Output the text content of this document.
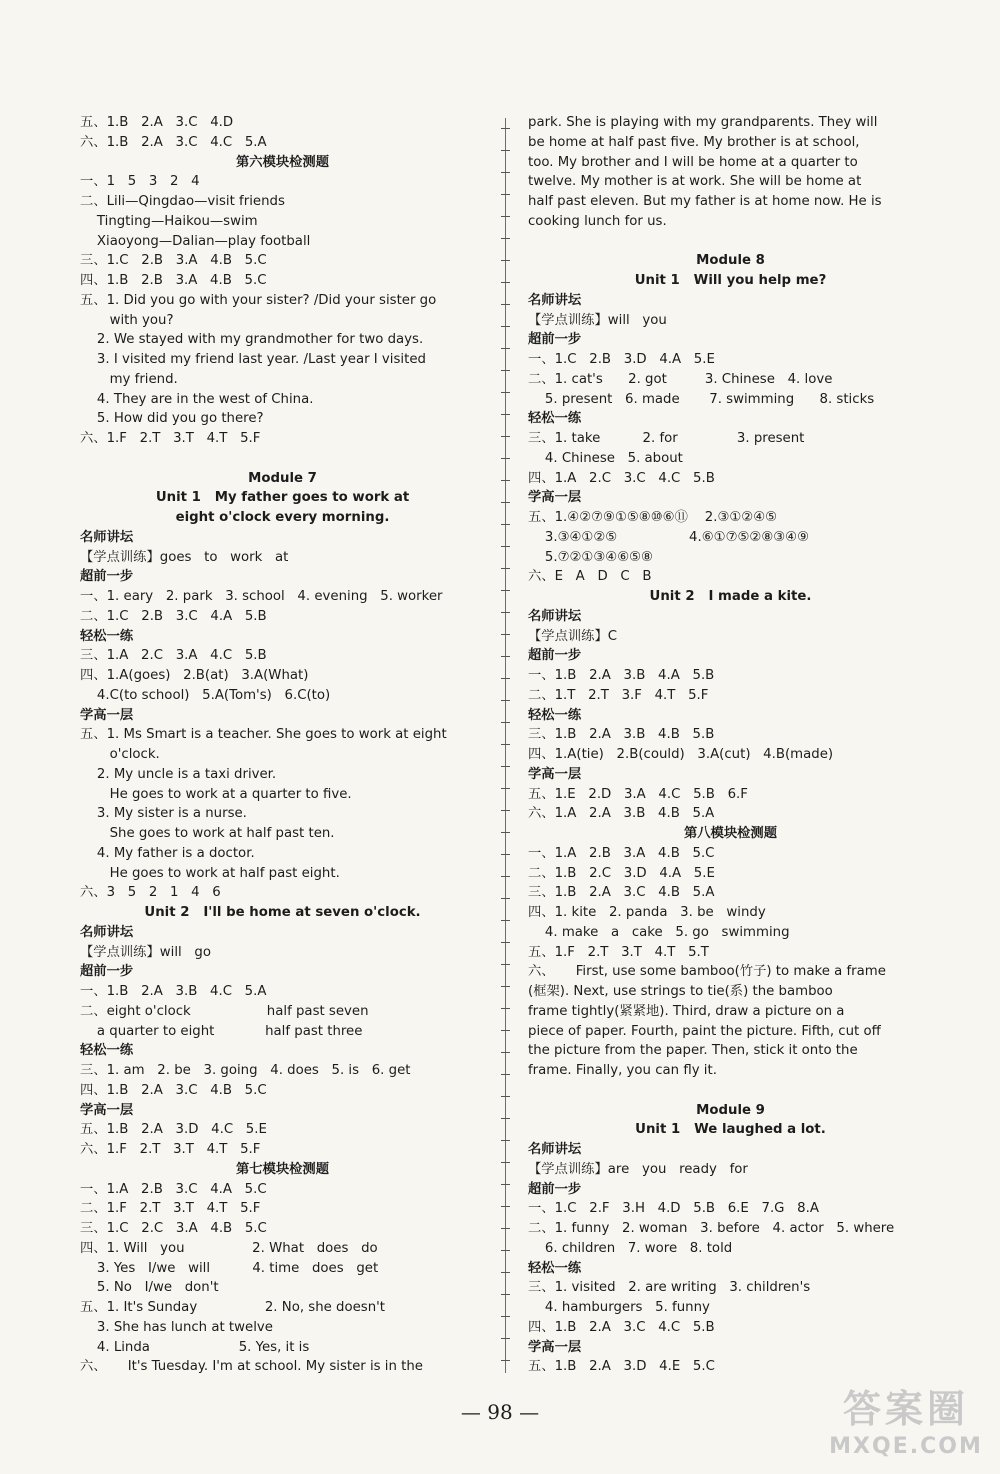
五、1.B   2.A   3.C   4.D
六、1.B   2.A   3.C   4.C   5.A
第六模块检测题
一、1   5   3   2   4
二、Lili—Qingdao—visit friends
Tingting—Haikou—swim
Xiaoyong—Dalian—play football
三、1.C   2.B   3.A   4.B   5.C
四、1.B   2.B   3.A   4.B   5.C
五、1. Did you go with your sister? /Did your sister go
with you?
2. We stayed with my grandmother for two days.
3. I visited my friend last year. /Last year I visited
my friend.
4. They are in the west of China.
5. How did you go there?
六、1.F   2.T   3.T   4.T   5.F
Module 7
Unit 1   My father goes to work at
eight o'clock every morning.
名师讲坛
【学点训练】goes   to   work   at
超前一步
一、1. eary   2. park   3. school   4. evening   5. worker
二、1.C   2.B   3.C   4.A   5.B
轻松一练
三、1.A   2.C   3.A   4.C   5.B
四、1.A(goes)   2.B(at)   3.A(What)
4.C(to school)   5.A(Tom's)   6.C(to)
学高一层
五、1. Ms Smart is a teacher. She goes to work at eight
o'clock.
2. My uncle is a taxi driver.
He goes to work at a quarter to five.
3. My sister is a nurse.
She goes to work at half past ten.
4. My father is a doctor.
He goes to work at half past eight.
六、3   5   2   1   4   6
Unit 2   I'll be home at seven o'clock.
名师讲坛
【学点训练】will   go
超前一步
一、1.B   2.A   3.B   4.C   5.A
二、eight o'clock                  half past seven
a quarter to eight            half past three
轻松一练
三、1. am   2. be   3. going   4. does   5. is   6. get
四、1.B   2.A   3.C   4.B   5.C
学高一层
五、1.B   2.A   3.D   4.C   5.E
六、1.F   2.T   3.T   4.T   5.F
第七模块检测题
一、1.A   2.B   3.C   4.A   5.C
二、1.F   2.T   3.T   4.T   5.F
三、1.C   2.C   3.A   4.B   5.C
四、1. Will   you                2. What   does   do
3. Yes   I/we   will          4. time   does   get
5. No   I/we   don't
五、1. It's Sunday                2. No, she doesn't
3. She has lunch at twelve
4. Linda                     5. Yes, it is
六、     It's Tuesday. I'm at school. My sister is in the
park. She is playing with my grandparents. They will
be home at half past five. My brother is at school,
too. My brother and I will be home at a quarter to
twelve. My mother is at work. She will be home at
half past eleven. But my father is at home now. He is
cooking lunch for us.
Module 8
Unit 1   Will you help me?
名师讲坛
【学点训练】will   you
超前一步
一、1.C   2.B   3.D   4.A   5.E
二、1. cat's      2. got         3. Chinese   4. love
5. present   6. made       7. swimming      8. sticks
轻松一练
三、1. take          2. for              3. present
4. Chinese   5. about
四、1.A   2.C   3.C   4.C   5.B
学高一层
五、1.④②⑦⑨①⑤⑧⑩⑥⑪    2.③①②④⑤
3.③④①②⑤                 4.⑥①⑦⑤②⑧③④⑨
5.⑦②①③④⑥⑤⑧
六、E   A   D   C   B
Unit 2   I made a kite.
名师讲坛
【学点训练】C
超前一步
一、1.B   2.A   3.B   4.A   5.B
二、1.T   2.T   3.F   4.T   5.F
轻松一练
三、1.B   2.A   3.B   4.B   5.B
四、1.A(tie)   2.B(could)   3.A(cut)   4.B(made)
学高一层
五、1.E   2.D   3.A   4.C   5.B   6.F
六、1.A   2.A   3.B   4.B   5.A
第八模块检测题
一、1.A   2.B   3.A   4.B   5.C
二、1.B   2.C   3.D   4.A   5.E
三、1.B   2.A   3.C   4.B   5.A
四、1. kite   2. panda   3. be   windy
4. make   a   cake   5. go   swimming
五、1.F   2.T   3.T   4.T   5.T
六、     First, use some bamboo(竹子) to make a frame
(框架). Next, use strings to tie(系) the bamboo
frame tightly(紧紧地). Third, draw a picture on a
piece of paper. Fourth, paint the picture. Fifth, cut off
the picture from the paper. Then, stick it onto the
frame. Finally, you can fly it.
Module 9
Unit 1   We laughed a lot.
名师讲坛
【学点训练】are   you   ready   for
超前一步
一、1.C   2.F   3.H   4.D   5.B   6.E   7.G   8.A
二、1. funny   2. woman   3. before   4. actor   5. where
6. children   7. wore   8. told
轻松一练
三、1. visited   2. are writing   3. children's
4. hamburgers   5. funny
四、1.B   2.A   3.C   4.C   5.B
学高一层
五、1.B   2.A   3.D   4.E   5.C
— 98 —	答案圈
MXQE.COM
